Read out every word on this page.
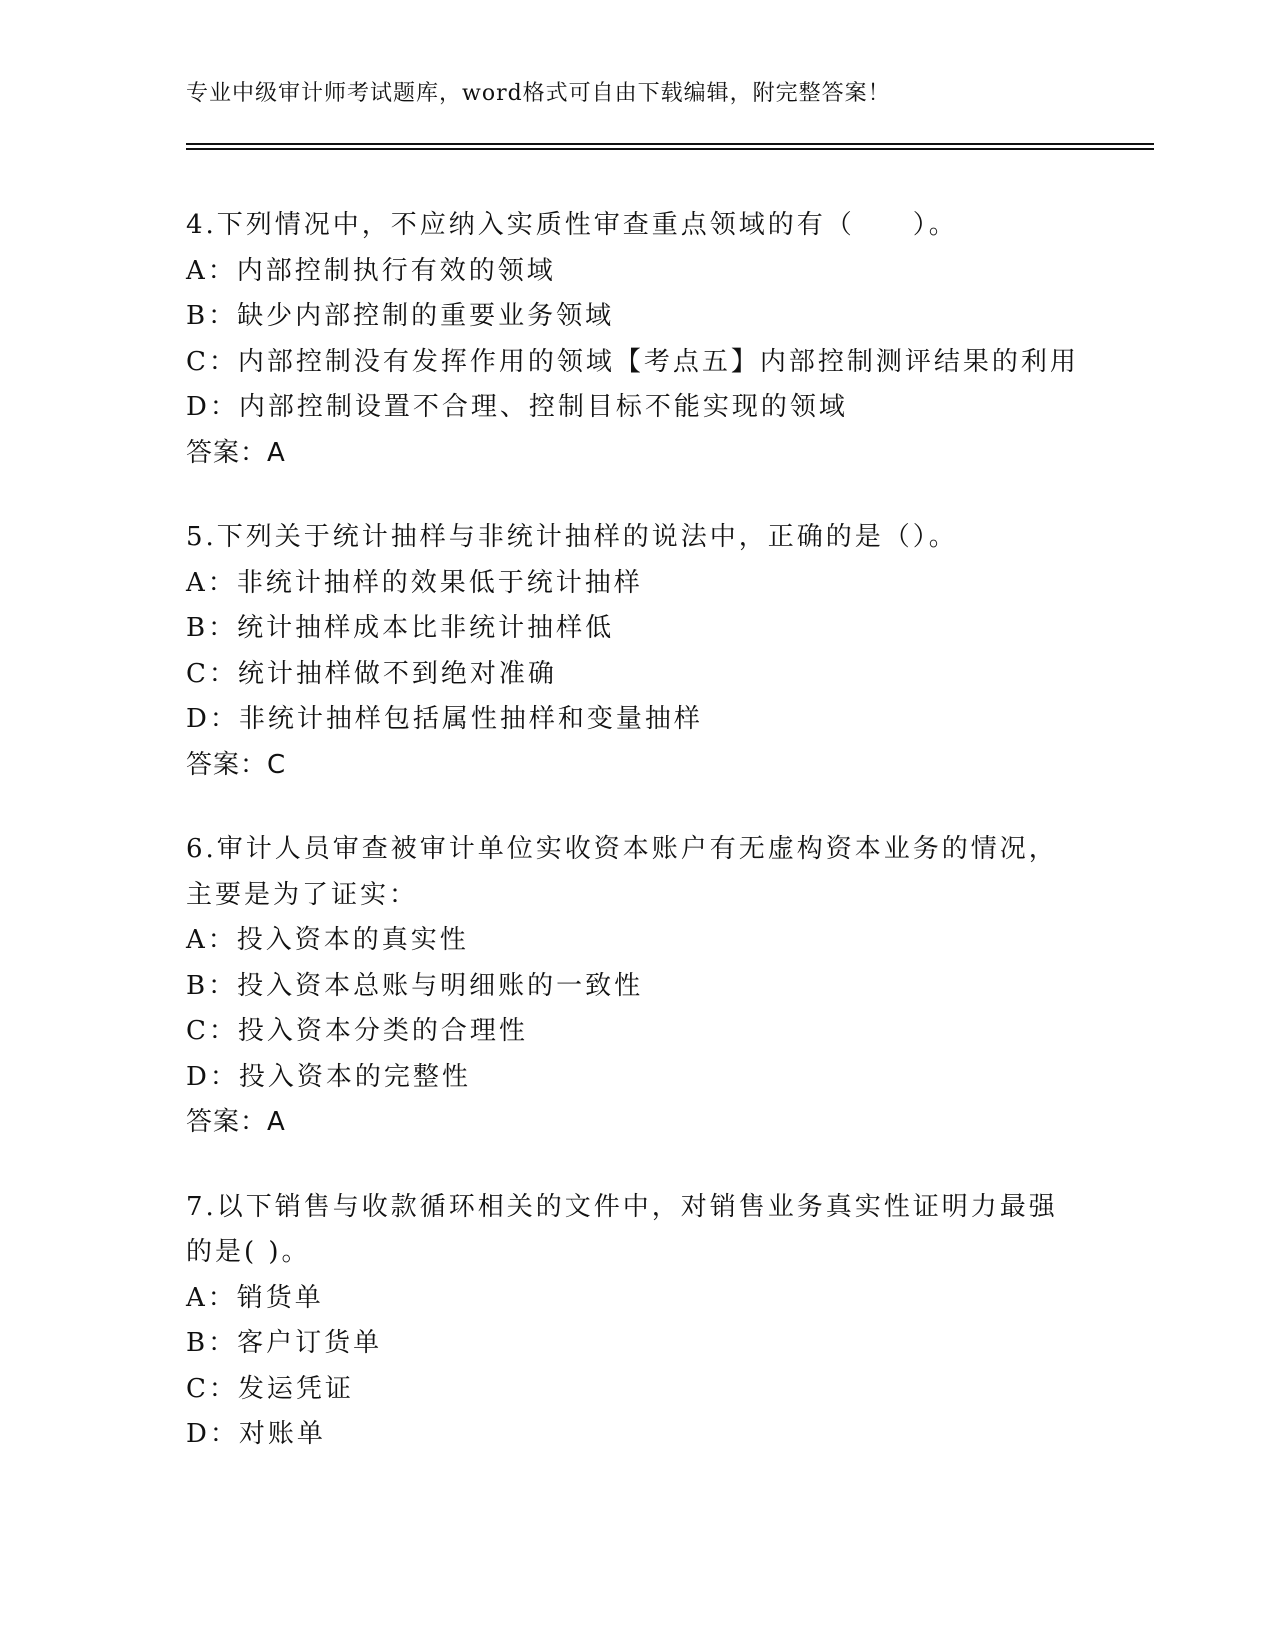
专业中级审计师考试题库，word格式可自由下载编辑，附完整答案！
4.下列情况中，不应纳入实质性审查重点领域的有（　　）。
A：内部控制执行有效的领域
B：缺少内部控制的重要业务领域
C：内部控制没有发挥作用的领域【考点五】内部控制测评结果的利用
D：内部控制设置不合理、控制目标不能实现的领域
答案：A
5.下列关于统计抽样与非统计抽样的说法中，正确的是（）。
A：非统计抽样的效果低于统计抽样
B：统计抽样成本比非统计抽样低
C：统计抽样做不到绝对准确
D：非统计抽样包括属性抽样和变量抽样
答案：C
6.审计人员审查被审计单位实收资本账户有无虚构资本业务的情况，
主要是为了证实：
A：投入资本的真实性
B：投入资本总账与明细账的一致性
C：投入资本分类的合理性
D：投入资本的完整性
答案：A
7.以下销售与收款循环相关的文件中，对销售业务真实性证明力最强
的是( )。
A：销货单
B：客户订货单
C：发运凭证
D：对账单
